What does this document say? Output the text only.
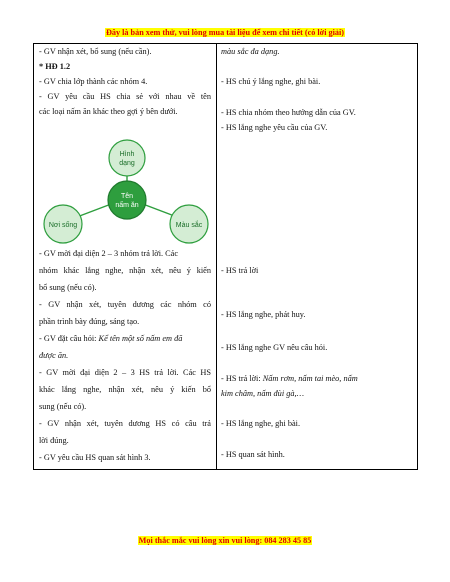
Đây là bản xem thử, vui lòng mua tài liệu để xem chi tiết (có lời giải)
- GV nhận xét, bổ sung (nếu cần).
* HĐ 1.2
- GV chia lớp thành các nhóm 4.
- GV yêu cầu HS chia sẻ với nhau về tên
các loại nấm ăn khác theo gợi ý bên dưới.
Hình
dạng
Tên
nấm ăn
Nơi sống	Màu sắc
- GV mời đại diện 2 – 3 nhóm trả lời. Các
nhóm khác lắng nghe, nhận xét, nêu ý kiến
bổ sung (nếu có).
- GV nhận xét, tuyên dương các nhóm có
phần trình bày đúng, sáng tạo.
- GV đặt câu hỏi: Kể tên một số nấm em đã
được ăn.
- GV mời đại diện 2 – 3 HS trả lời. Các HS
khác lắng nghe, nhận xét, nêu ý kiến bổ
sung (nếu có).
- GV nhận xét, tuyên dương HS có câu trả
lời đúng.
- GV yêu cầu HS quan sát hình 3.
màu sắc đa dạng.
- HS chú ý lắng nghe, ghi bài.
- HS chia nhóm theo hướng dẫn của GV.
- HS lắng nghe yêu cầu của GV.
- HS trả lời
- HS lắng nghe, phát huy.
- HS lắng nghe GV nêu câu hỏi.
- HS trả lời: Nấm rơm, nấm tai mèo, nấm
kim châm, nấm đùi gà,…
- HS lắng nghe, ghi bài.
- HS quan sát hình.
Mọi thắc mắc vui lòng xin vui lòng: 084 283 45 85
